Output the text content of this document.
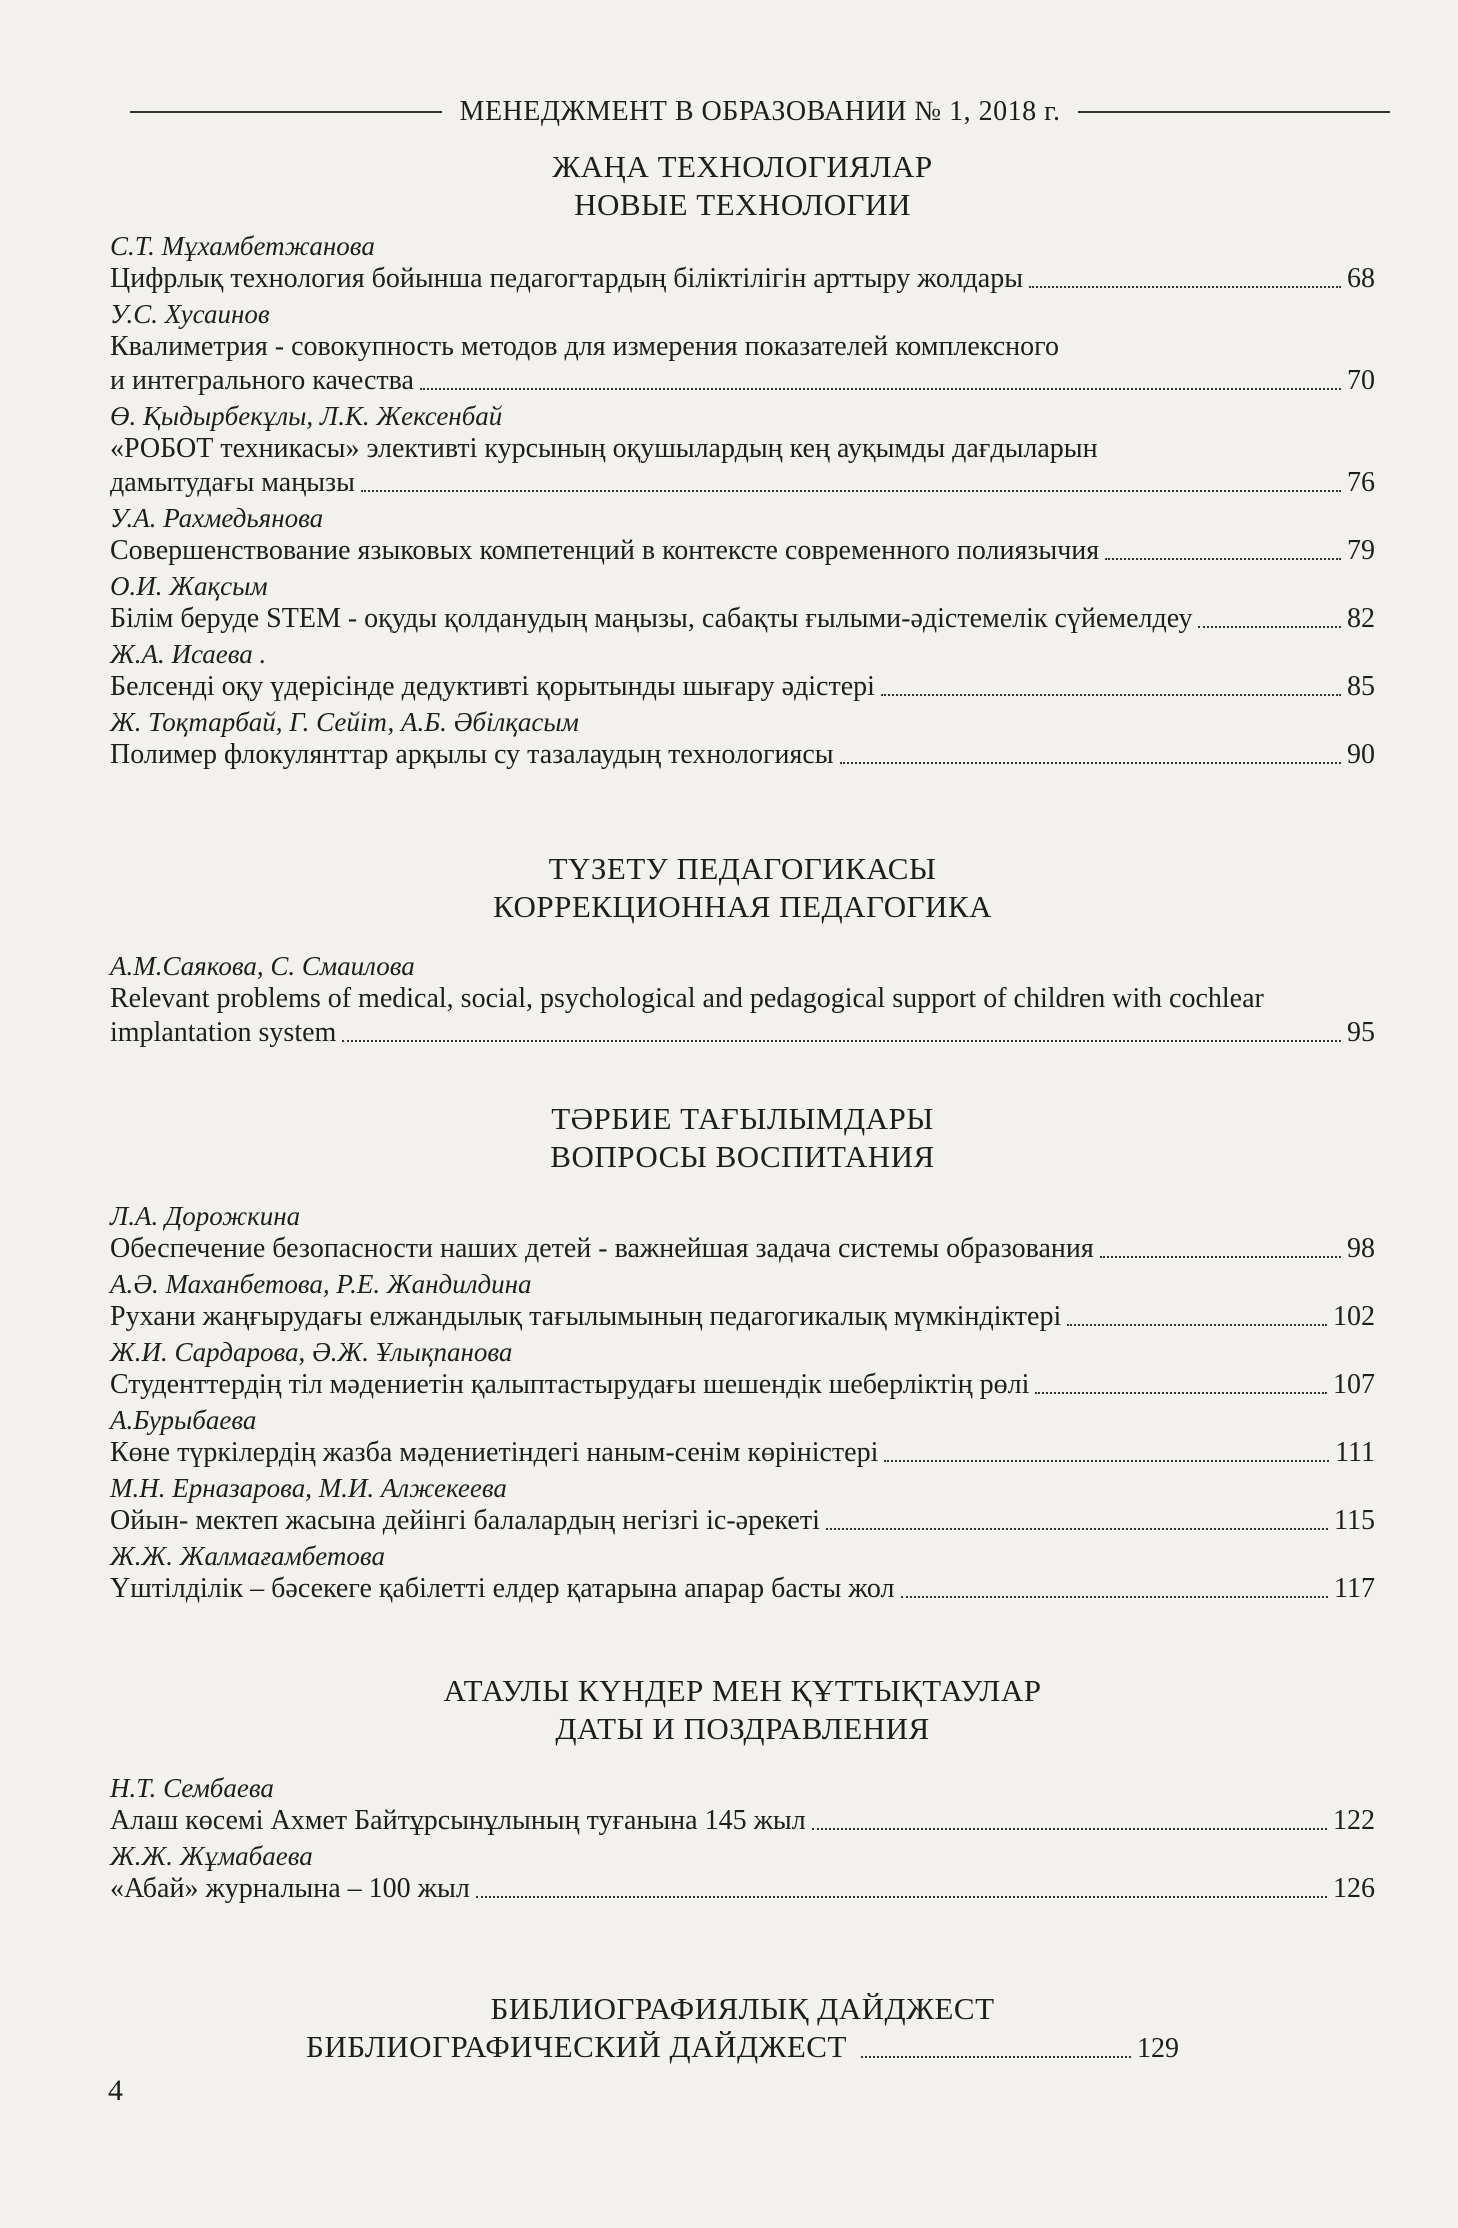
МЕНЕДЖМЕНТ В ОБРАЗОВАНИИ № 1, 2018 г.
ЖАҢА ТЕХНОЛОГИЯЛАР
НОВЫЕ ТЕХНОЛОГИИ
С.Т. Мұхамбетжанова
Цифрлық технология бойынша педагогтардың біліктілігін арттыру жолдары	68
У.С. Хусаинов
Квалиметрия - совокупность методов для измерения показателей комплексного
и интегрального качества	70
Ө. Қыдырбекұлы, Л.К. Жексенбай
«РОБОТ техникасы» элективті курсының оқушылардың кең ауқымды дағдыларын
дамытудағы маңызы	76
У.А. Рахмедьянова
Совершенствование языковых компетенций в контексте современного полиязычия	79
О.И. Жақсым
Білім беруде STEM - оқуды қолданудың маңызы, сабақты ғылыми-әдістемелік сүйемелдеу	82
Ж.А. Исаева .
Белсенді оқу үдерісінде дедуктивті қорытынды шығару әдістері	85
Ж. Тоқтарбай, Г. Сейіт, А.Б. Әбілқасым
Полимер флокулянттар арқылы су тазалаудың технологиясы	90
ТҮЗЕТУ ПЕДАГОГИКАСЫ
КОРРЕКЦИОННАЯ ПЕДАГОГИКА
А.М.Саякова, С. Смаилова
Relevant problems of medical, social, psychological and pedagogical support of children with cochlear
implantation system	95
ТӘРБИЕ ТАҒЫЛЫМДАРЫ
ВОПРОСЫ ВОСПИТАНИЯ
Л.А. Дорожкина
Обеспечение безопасности наших детей - важнейшая задача системы образования	98
А.Ә. Маханбетова, Р.Е. Жандилдина
Рухани жаңғырудағы елжандылық тағылымының педагогикалық мүмкіндіктері	102
Ж.И. Сардарова, Ә.Ж. Ұлықпанова
Студенттердің тіл мәдениетін қалыптастырудағы шешендік шеберліктің рөлі	107
А.Бурыбаева
Көне түркілердің жазба мәдениетіндегі наным-сенім көріністері	111
М.Н. Ерназарова, М.И. Алжекеева
Ойын- мектеп жасына дейінгі балалардың негізгі іс-әрекеті	115
Ж.Ж. Жалмағамбетова
Үштілділік – бәсекеге қабілетті елдер қатарына апарар басты жол	117
АТАУЛЫ КҮНДЕР МЕН ҚҰТТЫҚТАУЛАР
ДАТЫ И ПОЗДРАВЛЕНИЯ
Н.Т. Сембаева
Алаш көсемі Ахмет Байтұрсынұлының туғанына 145 жыл	122
Ж.Ж. Жұмабаева
«Абай» журналына – 100 жыл	126
БИБЛИОГРАФИЯЛЫҚ ДАЙДЖЕСТ
БИБЛИОГРАФИЧЕСКИЙ ДАЙДЖЕСТ	129
4
